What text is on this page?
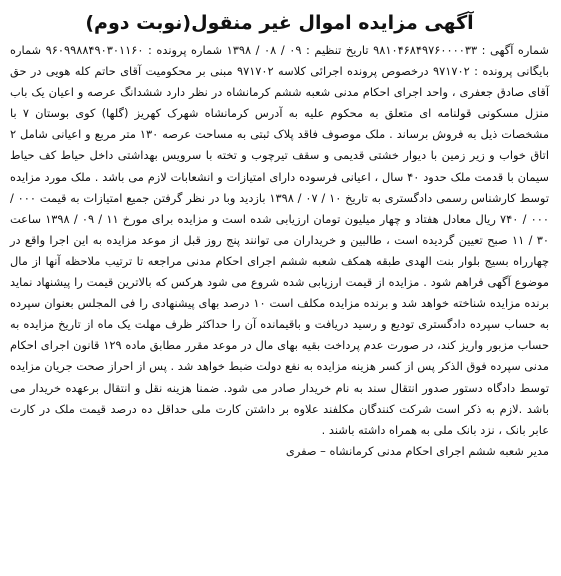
آگهی مزایده اموال غیر منقول(نوبت دوم)

شماره آگهی : ۹۸۱۰۴۶۸۴۹۷۶۰۰۰۰۳۳ تاریخ تنظیم : ۰۹ / ۰۸ / ۱۳۹۸ شماره پرونده : ۹۶۰۹۹۸۸۴۹۰۳۰۱۱۶۰ شماره بایگانی پرونده : ۹۷۱۷۰۲ درخصوص پرونده اجرائی کلاسه ۹۷۱۷۰۲ مبنی بر محکومیت آقای حاتم کله هویی در حق آقای صادق جعفری ، واحد اجرای احکام مدنی شعبه ششم کرمانشاه در نظر دارد ششدانگ عرصه و اعیان یک باب منزل مسکونی قولنامه ای متعلق به محکوم علیه به آدرس کرمانشاه شهرک کهریز (گلها) کوی بوستان ۷ با مشخصات ذیل به فروش برساند . ملک موصوف فاقد پلاک ثبتی به مساحت عرصه ۱۳۰ متر مربع و اعیانی شامل ۲ اتاق خواب و زیر زمین با دیوار خشتی قدیمی و سقف تیرچوب و تخته با سرویس بهداشتی داخل حیاط کف حیاط سیمان با قدمت ملک حدود ۴۰ سال ، اعیانی فرسوده دارای امتیازات و انشعابات لازم می باشد . ملک مورد مزایده توسط کارشناس رسمی دادگستری به تاریخ ۱۰ / ۰۷ / ۱۳۹۸ بازدید وبا در نظر گرفتن جمیع امتیازات به قیمت ۰۰۰ / ۰۰۰ / ۷۴۰ ریال معادل هفتاد و چهار میلیون تومان ارزیابی شده است و مزایده برای مورخ ۱۱ / ۰۹ / ۱۳۹۸ ساعت ۳۰ / ۱۱ صبح تعیین گردیده است ، طالبین و خریداران می توانند پنج روز قبل از موعد مزایده به این اجرا واقع در چهارراه بسیج بلوار بنت الهدی طبقه همکف شعبه ششم اجرای احکام مدنی مراجعه تا ترتیب ملاحظه آنها از مال موضوع آگهی فراهم شود . مزایده از قیمت ارزیابی شده شروع می شود هرکس که بالاترین قیمت را پیشنهاد نماید برنده مزایده شناخته خواهد شد و برنده مزایده مکلف است ۱۰ درصد بهای پیشنهادی را فی المجلس بعنوان سپرده به حساب سپرده دادگستری تودیع و رسید دریافت و باقیمانده آن را حداکثر ظرف مهلت یک ماه از تاریخ مزایده به حساب مزبور واریز کند، در صورت عدم پرداخت بقیه بهای مال در موعد مقرر مطابق ماده ۱۲۹ قانون اجرای احکام مدنی سپرده فوق الذکر پس از کسر هزینه مزایده به نفع دولت ضبط خواهد شد . پس از احراز صحت جریان مزایده توسط دادگاه دستور صدور انتقال سند به نام خریدار صادر می شود. ضمنا هزینه نقل و انتقال برعهده خریدار می باشد .لازم به ذکر است شرکت کنندگان مکلفند علاوه بر داشتن کارت ملی حداقل ده درصد قیمت ملک در کارت عابر بانک ، نزد بانک ملی به همراه داشته باشند .

مدیر شعبه ششم اجرای احکام مدنی کرمانشاه – صفری
